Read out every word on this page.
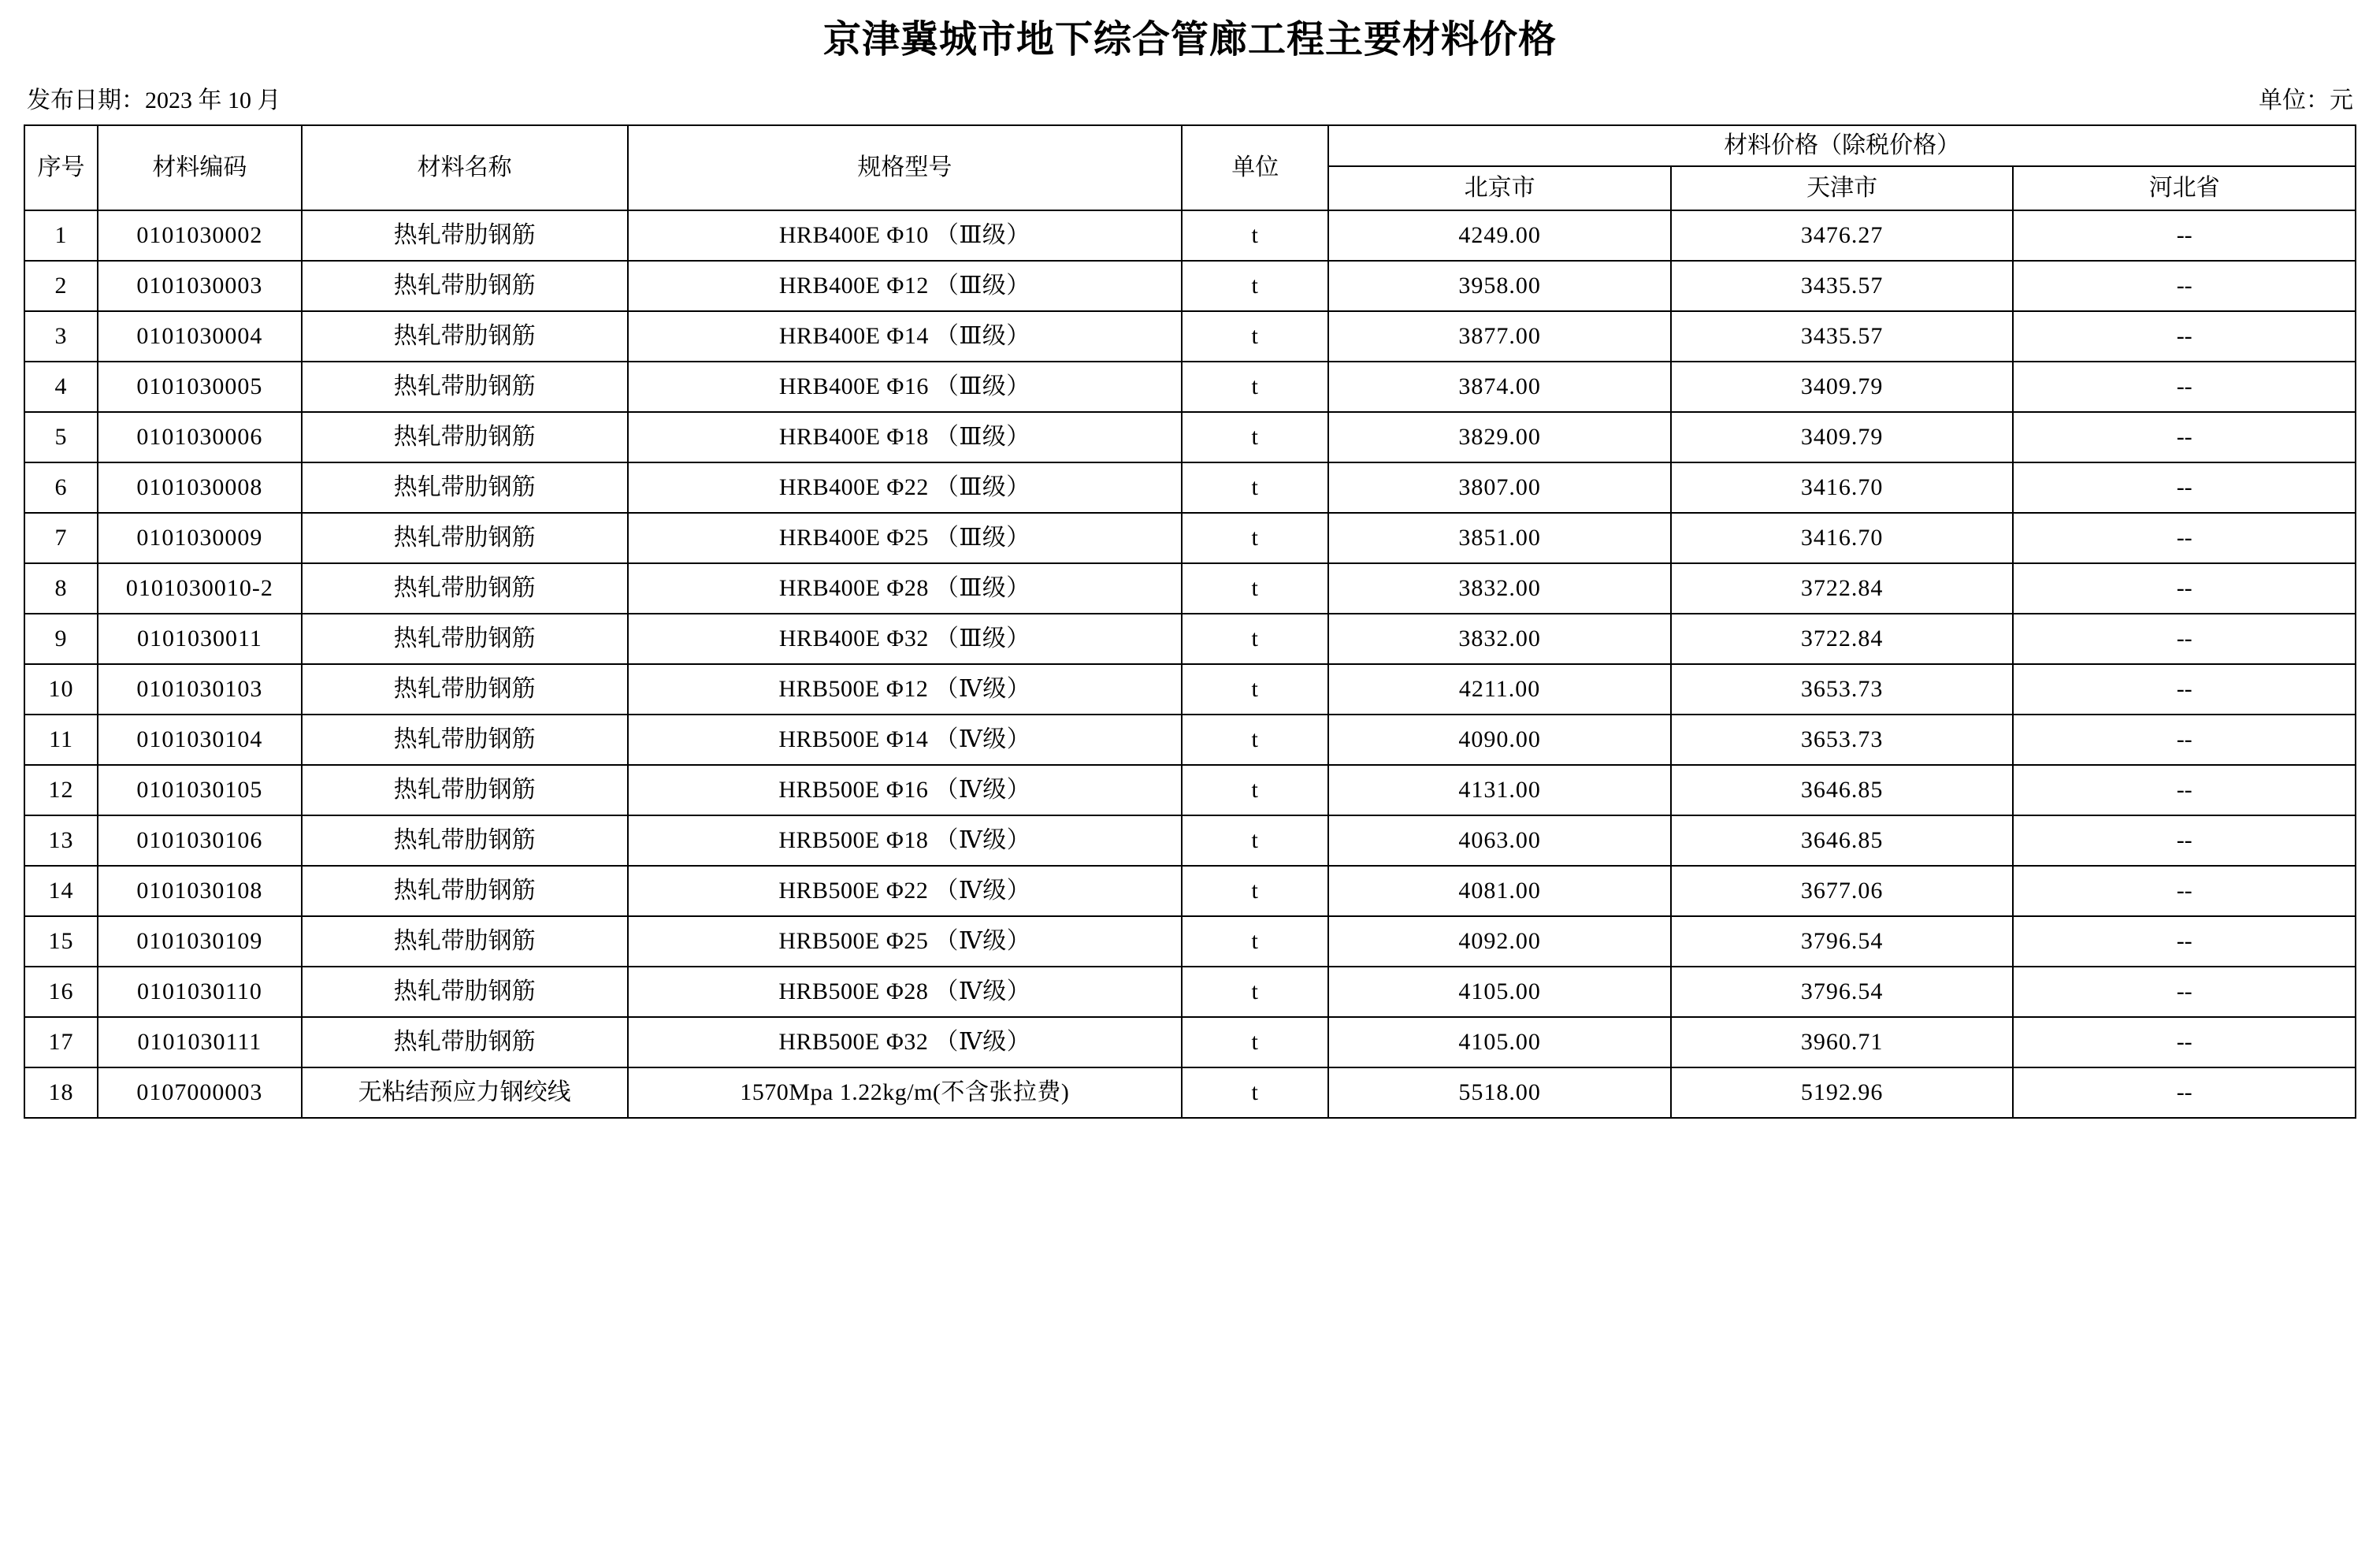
京津冀城市地下综合管廊工程主要材料价格
发布日期：2023 年 10 月	单位：元
序号	材料编码	材料名称	规格型号	单位	材料价格（除税价格）		
					北京市	天津市	河北省
1	0101030002	热轧带肋钢筋	HRB400E Φ10 （Ⅲ级）	t	4249.00	3476.27	--
2	0101030003	热轧带肋钢筋	HRB400E Φ12 （Ⅲ级）	t	3958.00	3435.57	--
3	0101030004	热轧带肋钢筋	HRB400E Φ14 （Ⅲ级）	t	3877.00	3435.57	--
4	0101030005	热轧带肋钢筋	HRB400E Φ16 （Ⅲ级）	t	3874.00	3409.79	--
5	0101030006	热轧带肋钢筋	HRB400E Φ18 （Ⅲ级）	t	3829.00	3409.79	--
6	0101030008	热轧带肋钢筋	HRB400E Φ22 （Ⅲ级）	t	3807.00	3416.70	--
7	0101030009	热轧带肋钢筋	HRB400E Φ25 （Ⅲ级）	t	3851.00	3416.70	--
8	0101030010-2	热轧带肋钢筋	HRB400E Φ28 （Ⅲ级）	t	3832.00	3722.84	--
9	0101030011	热轧带肋钢筋	HRB400E Φ32 （Ⅲ级）	t	3832.00	3722.84	--
10	0101030103	热轧带肋钢筋	HRB500E Φ12 （Ⅳ级）	t	4211.00	3653.73	--
11	0101030104	热轧带肋钢筋	HRB500E Φ14 （Ⅳ级）	t	4090.00	3653.73	--
12	0101030105	热轧带肋钢筋	HRB500E Φ16 （Ⅳ级）	t	4131.00	3646.85	--
13	0101030106	热轧带肋钢筋	HRB500E Φ18 （Ⅳ级）	t	4063.00	3646.85	--
14	0101030108	热轧带肋钢筋	HRB500E Φ22 （Ⅳ级）	t	4081.00	3677.06	--
15	0101030109	热轧带肋钢筋	HRB500E Φ25 （Ⅳ级）	t	4092.00	3796.54	--
16	0101030110	热轧带肋钢筋	HRB500E Φ28 （Ⅳ级）	t	4105.00	3796.54	--
17	0101030111	热轧带肋钢筋	HRB500E Φ32 （Ⅳ级）	t	4105.00	3960.71	--
18	0107000003	无粘结预应力钢绞线	1570Mpa 1.22kg/m(不含张拉费)	t	5518.00	5192.96	--
